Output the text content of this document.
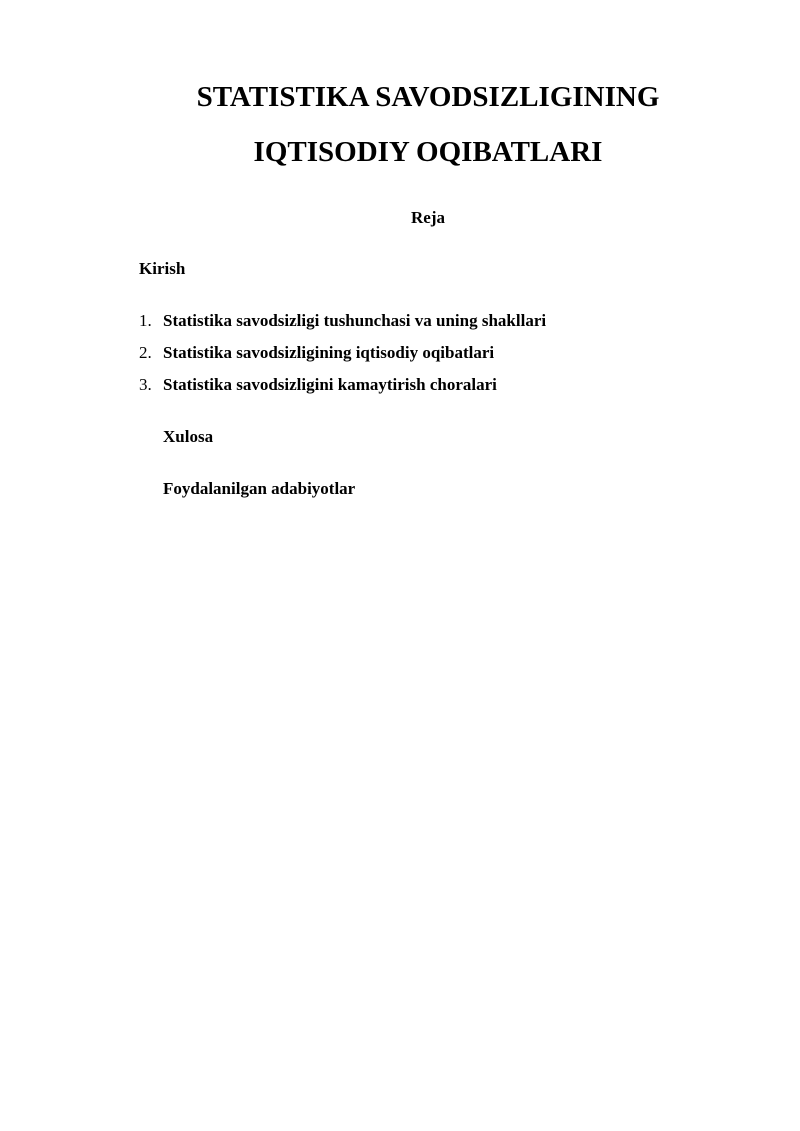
STATISTIKA SAVODSIZLIGINING
IQTISODIY OQIBATLARI
Reja
Kirish
1. Statistika savodsizligi tushunchasi va uning shakllari
2. Statistika savodsizligining iqtisodiy oqibatlari
3. Statistika savodsizligini kamaytirish choralari
Xulosa
Foydalanilgan adabiyotlar
